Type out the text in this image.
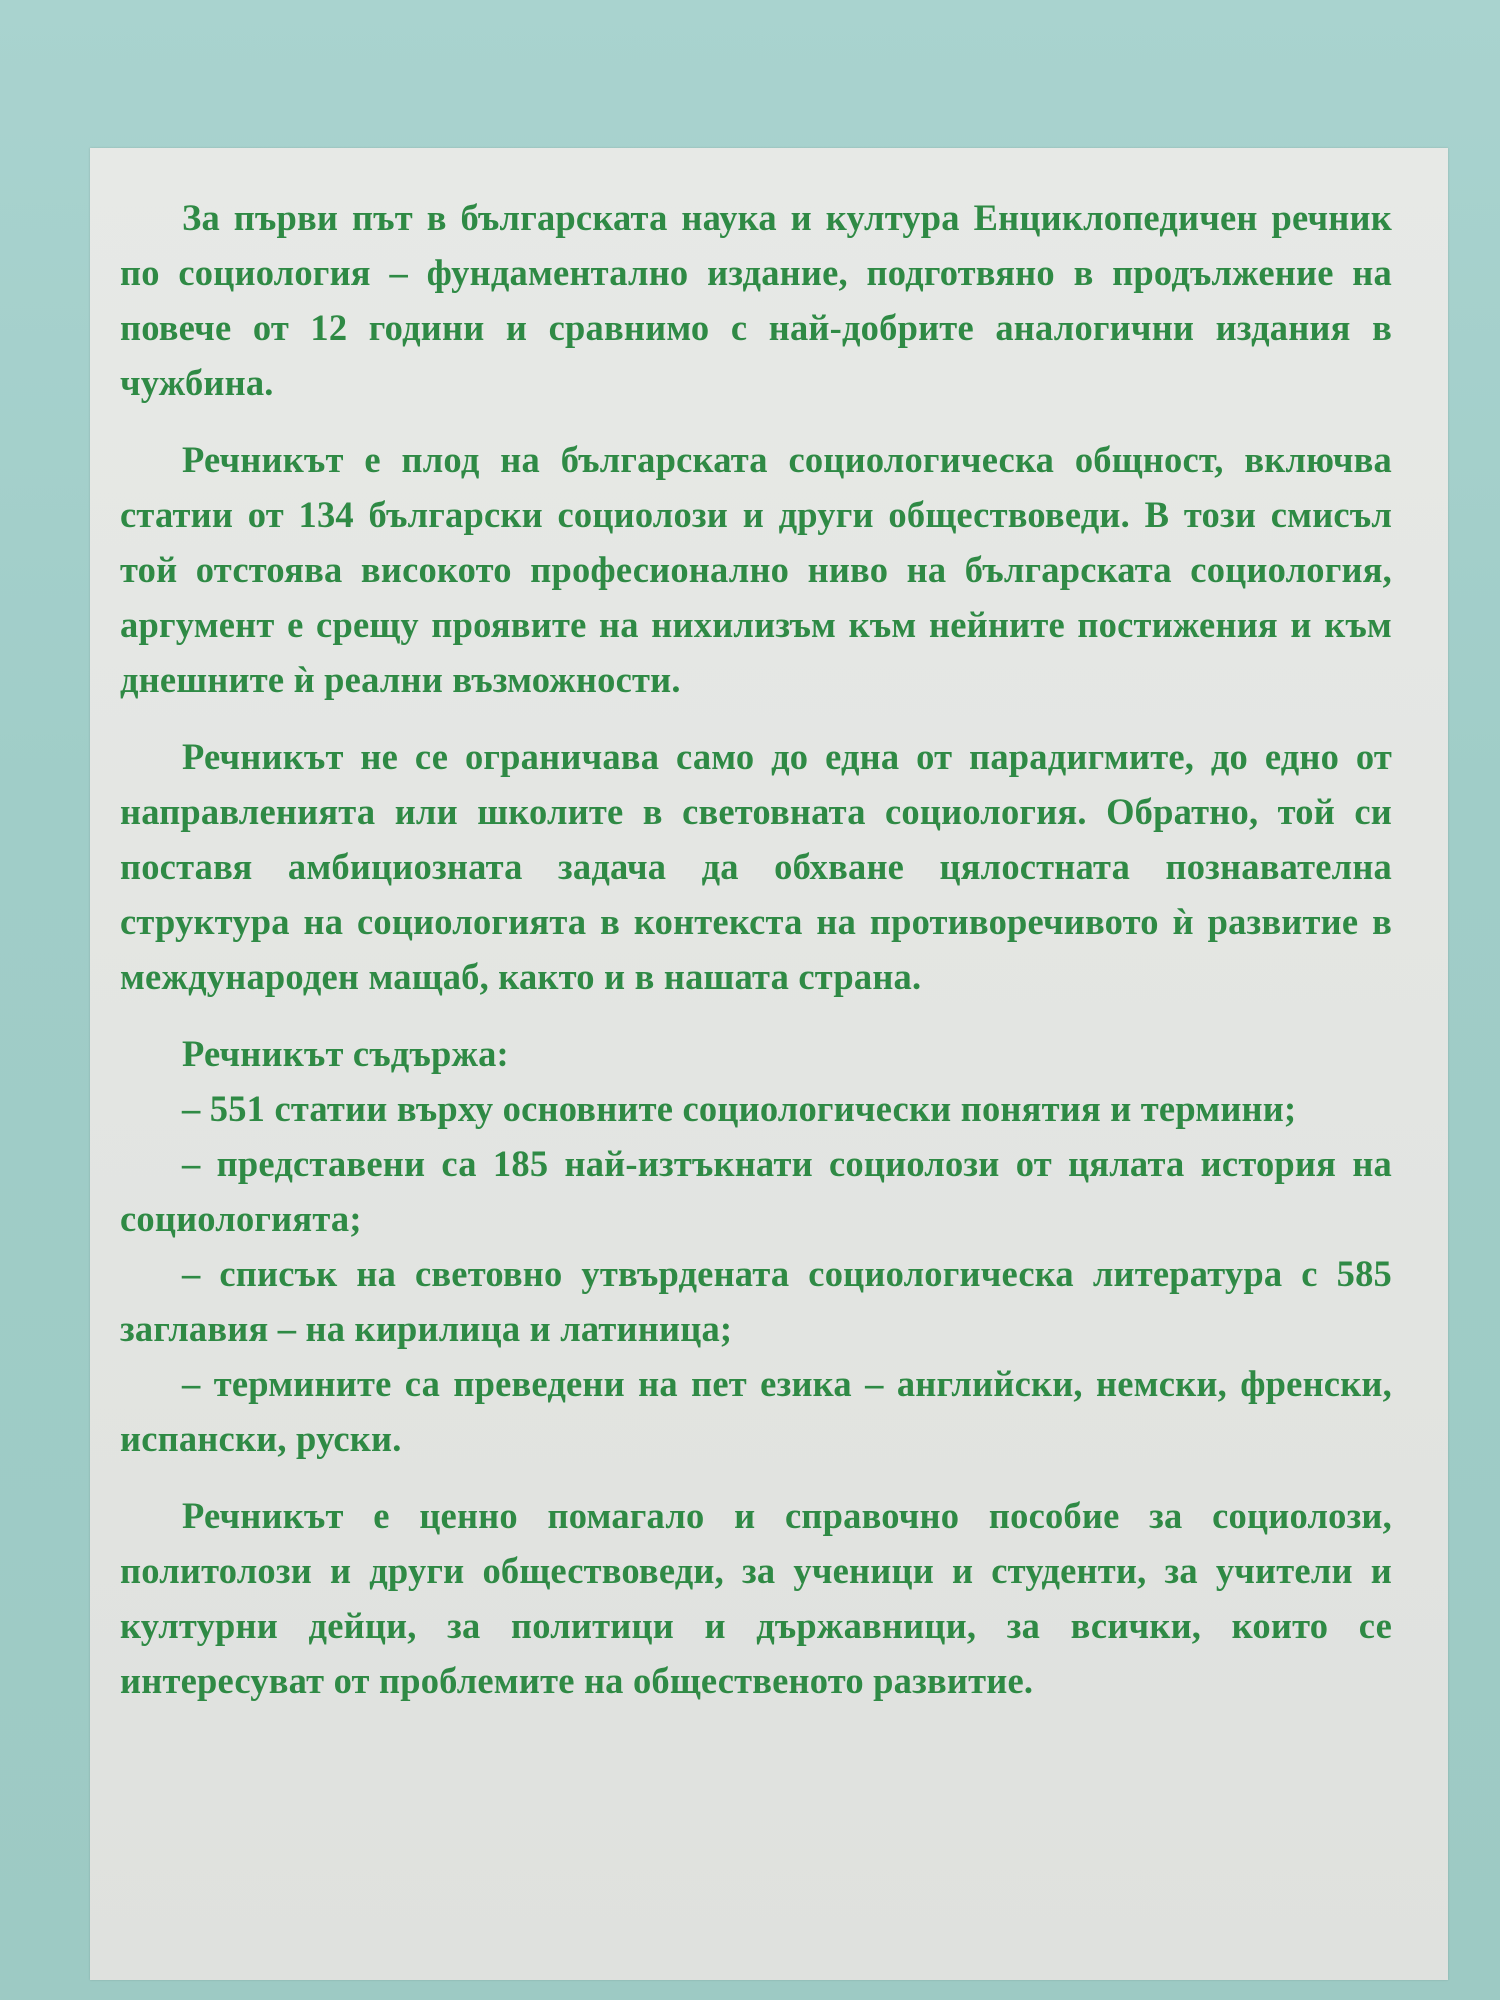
За първи път в българската наука и култура Енциклопедичен речник по социология – фундаментално издание, подготвяно в продължение на повече от 12 години и сравнимо с най-добрите аналогични издания в чужбина.

Речникът е плод на българската социологическа общност, включва статии от 134 български социолози и други обществоведи. В този смисъл той отстоява високото професионално ниво на българската социология, аргумент е срещу проявите на нихилизъм към нейните постижения и към днешните ѝ реални възможности.

Речникът не се ограничава само до една от парадигмите, до едно от направленията или школите в световната социология. Обратно, той си поставя амбициозната задача да обхване цялостната познавателна структура на социологията в контекста на противоречивото ѝ развитие в международен мащаб, както и в нашата страна.

Речникът съдържа:

– 551 статии върху основните социологически понятия и термини;

– представени са 185 най-изтъкнати социолози от цялата история на социологията;

– списък на световно утвърдената социологическа литература с 585 заглавия – на кирилица и латиница;

– термините са преведени на пет езика – английски, немски, френски, испански, руски.

Речникът е ценно помагало и справочно пособие за социолози, политолози и други обществоведи, за ученици и студенти, за учители и културни дейци, за политици и държавници, за всички, които се интересуват от проблемите на общественото развитие.
